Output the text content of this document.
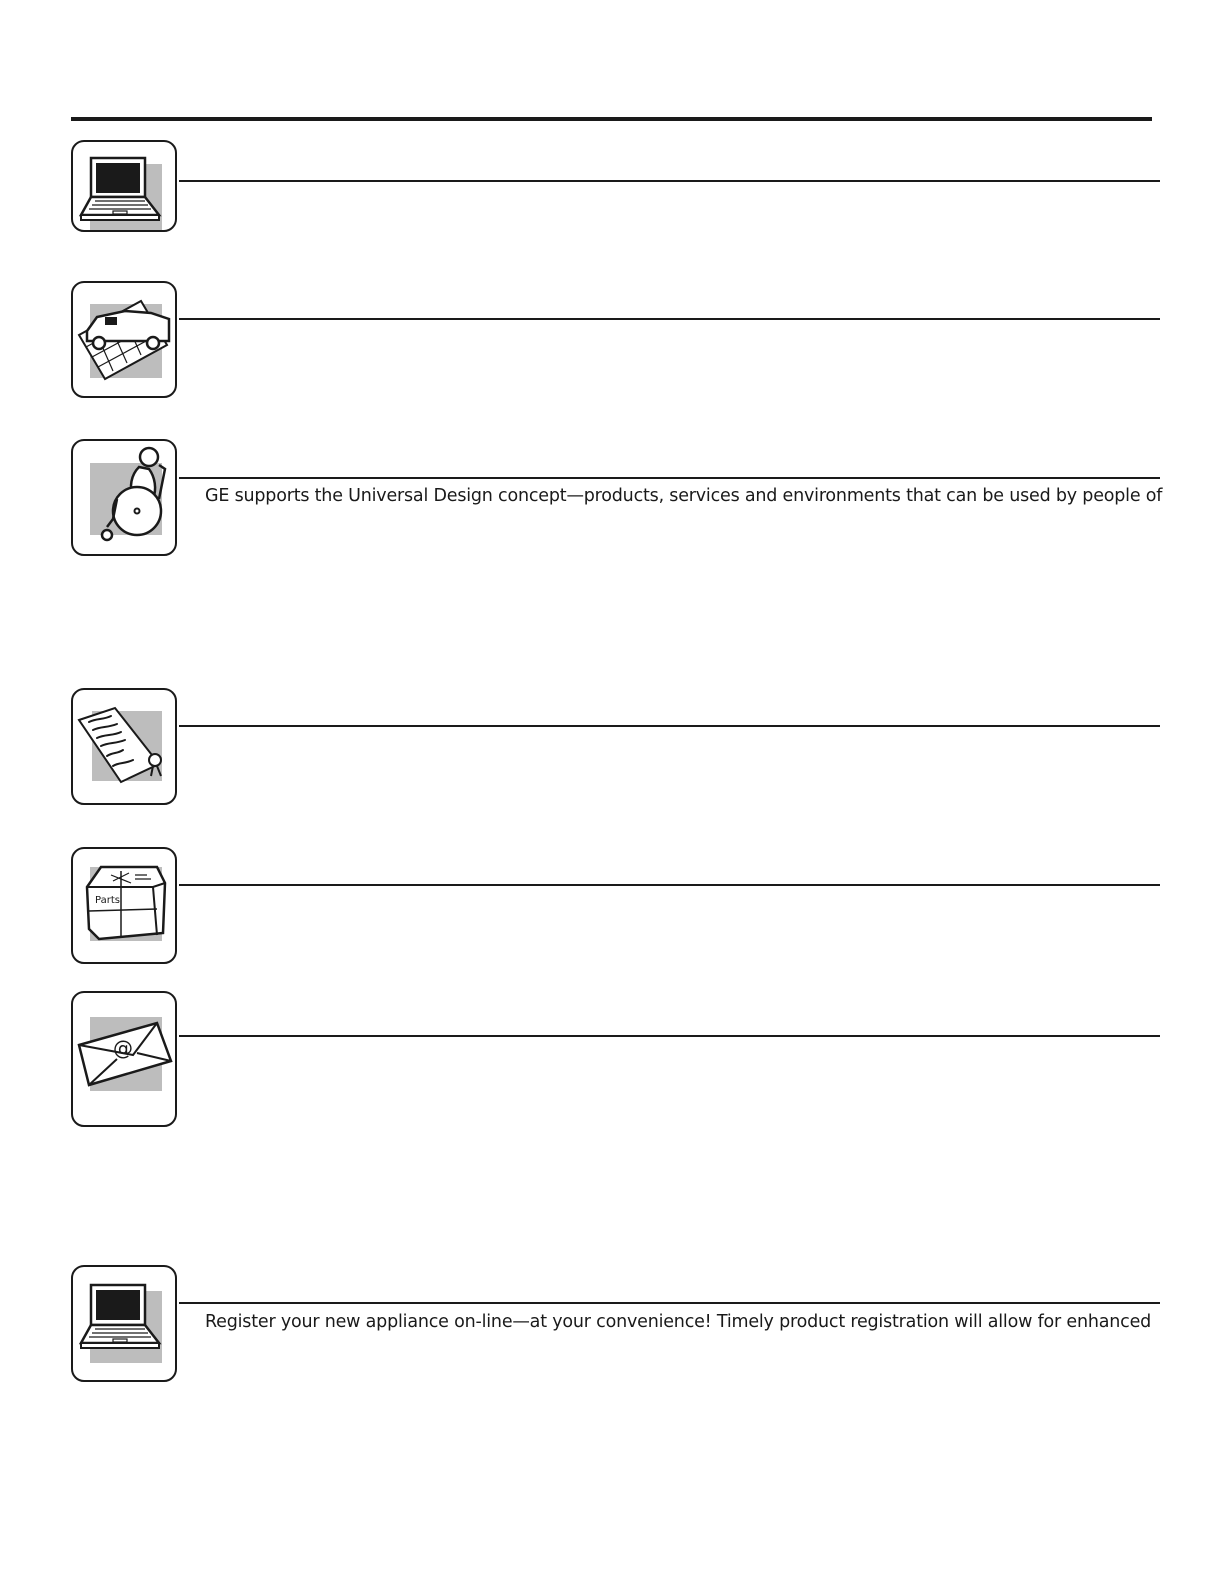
GE supports the Universal Design concept—products, services and environments that can be used by people of
Parts
@
Register your new appliance on-line—at your convenience! Timely product registration will allow for enhanced
